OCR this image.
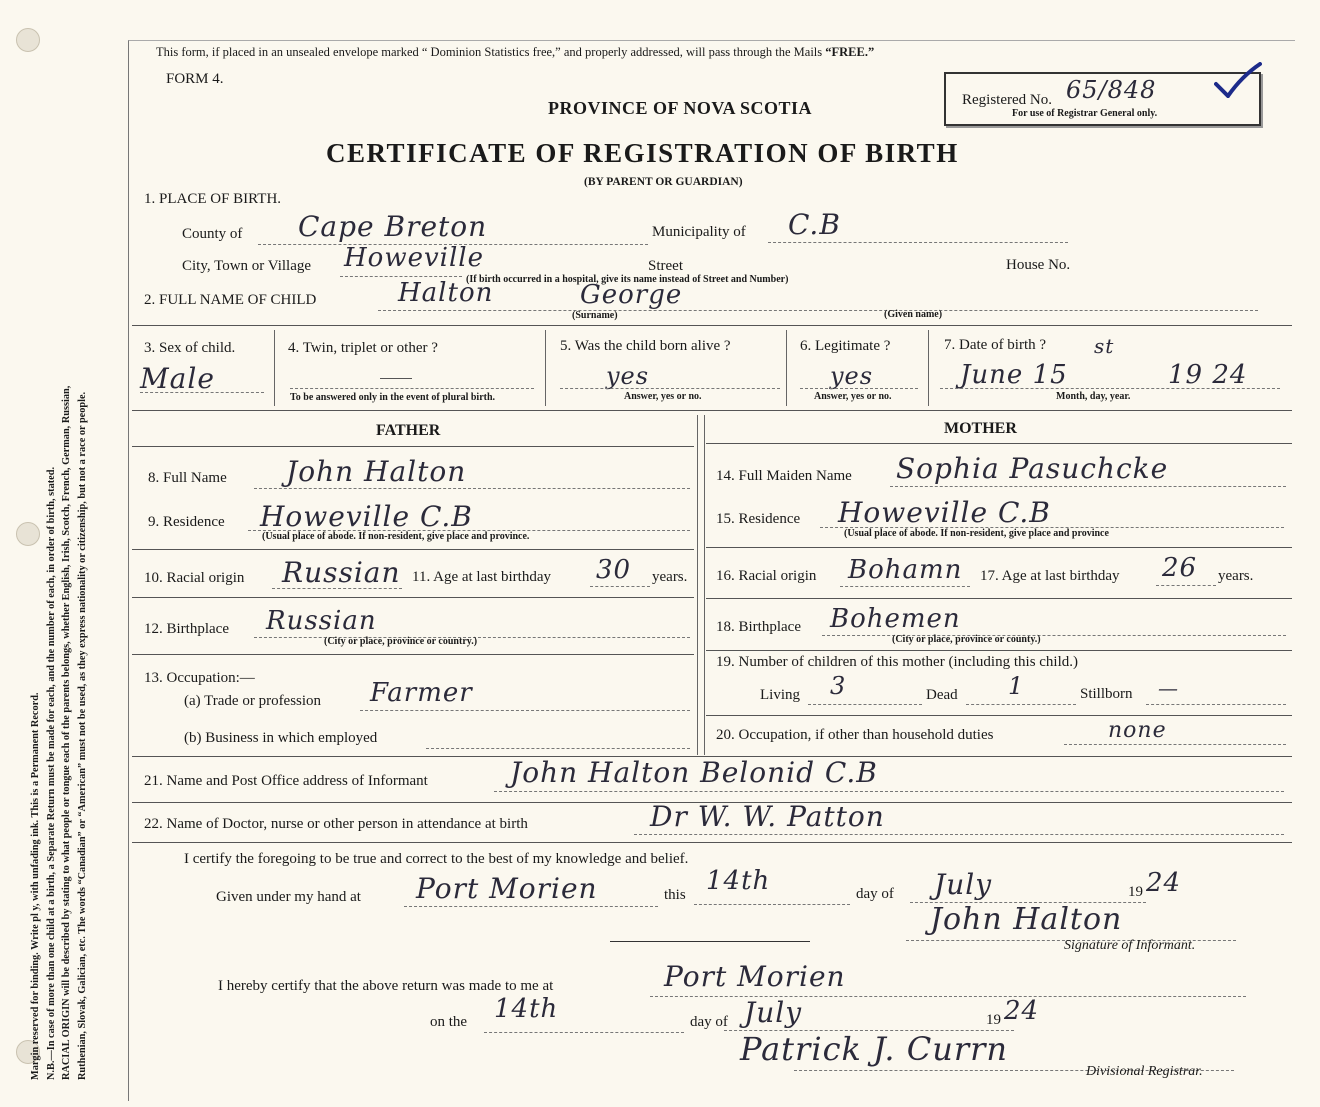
Margin reserved for binding. Write pl y, with unfading ink. This is a Permanent Record. N.B.—In case of more than one child at a birth, a Separate Return must be made for each, and the number of each, in order of birth, stated. RACIAL ORIGIN will be described by stating to what people or tongue each of the parents belongs, whether English, Irish, Scotch, French, German, Russian, Ruthenian, Slovak, Galician, etc. The words “Canadian” or “American” must not be used, as they express nationality or citizenship, but not a race or people.
This form, if placed in an unsealed envelope marked “ Dominion Statistics free,” and properly addressed, will pass through the Mails “FREE.”
FORM 4.
PROVINCE OF NOVA SCOTIA
CERTIFICATE OF REGISTRATION OF BIRTH
(BY PARENT OR GUARDIAN)
Registered No. 65/848
For use of Registrar General only.
1. PLACE OF BIRTH.
County of Cape Breton	Municipality of C.B
City, Town or Village Howeville
(If birth occurred in a hospital, give its name instead of Street and Number)
Street	House No.
2. FULL NAME OF CHILD	Halton	George
(Surname)	(Given name)
3. Sex of child.
Male
4. Twin, triplet or other ?
To be answered only in the event of plural birth.
5. Was the child born alive ?
yes
Answer, yes or no.
6. Legitimate ?
yes
Answer, yes or no.
7. Date of birth ? st
June 15	19 24
Month, day, year.
FATHER	MOTHER
8. Full Name John Halton
9. Residence Howeville C.B
(Usual place of abode. If non-resident, give place and province.
10. Racial origin Russian 11. Age at last birthday 30 years.
12. Birthplace Russian
(City or place, province or country.)
13. Occupation:—
(a) Trade or profession Farmer
(b) Business in which employed
14. Full Maiden Name Sophia Pasuchcke
15. Residence Howeville C.B
(Usual place of abode. If non-resident, give place and province
16. Racial origin Bohamn 17. Age at last birthday 26 years.
18. Birthplace Bohemen
(City or place, province or county.)
19. Number of children of this mother (including this child.)
Living 3	Dead 1	Stillborn —
20. Occupation, if other than household duties	none
21. Name and Post Office address of Informant	John Halton Belonid C.B
22. Name of Doctor, nurse or other person in attendance at birth	Dr W. W. Patton
I certify the foregoing to be true and correct to the best of my knowledge and belief.
Given under my hand at Port Morien	this 14th	day of July	19 24
John Halton
Signature of Informant.
I hereby certify that the above return was made to me at	Port Morien
on the 14th	day of July	19 24
Patrick J. Currn
Divisional Registrar.
